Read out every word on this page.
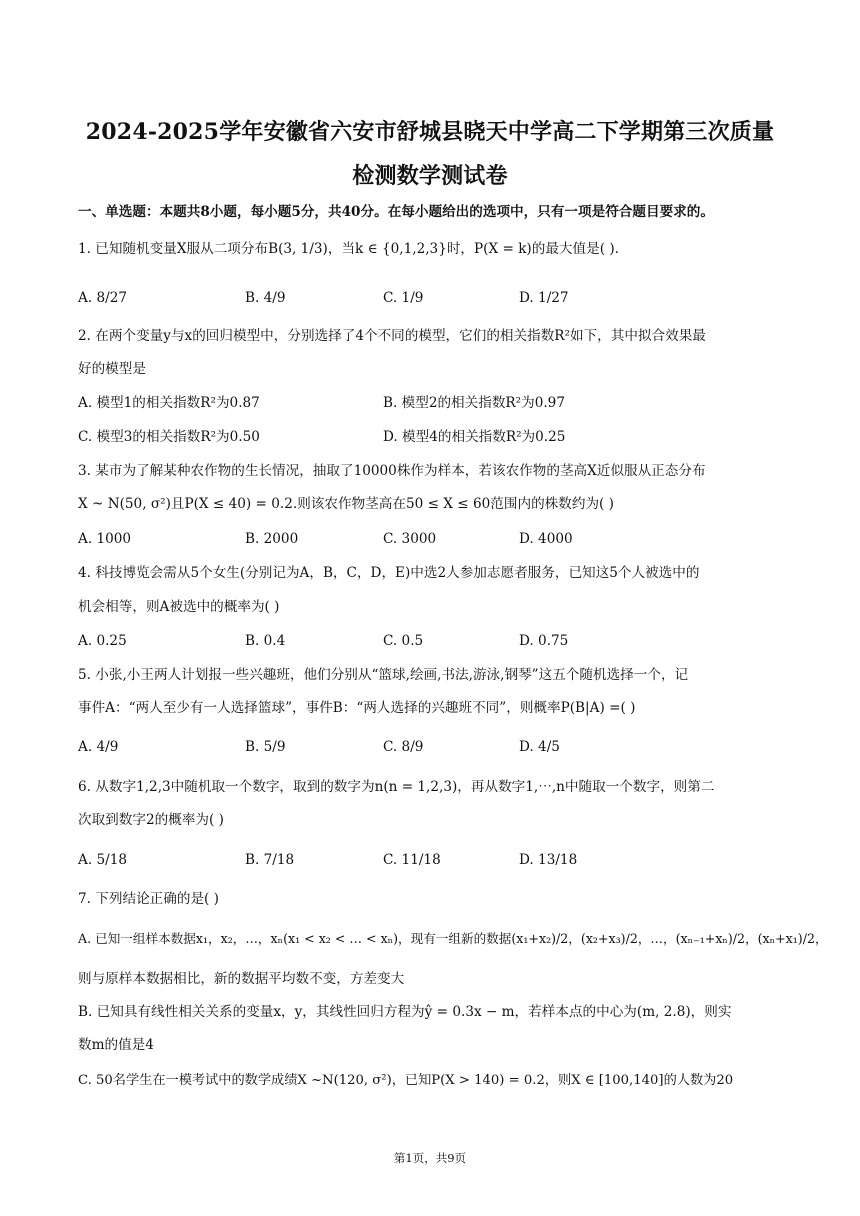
2024-2025学年安徽省六安市舒城县晓天中学高二下学期第三次质量
检测数学测试卷
一、单选题：本题共8小题，每小题5分，共40分。在每小题给出的选项中，只有一项是符合题目要求的。
1. 已知随机变量X服从二项分布B(3, 1/3)，当k ∈ {0,1,2,3}时，P(X = k)的最大值是( ).
A. 8/27	B. 4/9	C. 1/9	D. 1/27
2. 在两个变量y与x的回归模型中，分别选择了4个不同的模型，它们的相关指数R²如下，其中拟合效果最
好的模型是
A. 模型1的相关指数R²为0.87	B. 模型2的相关指数R²为0.97
C. 模型3的相关指数R²为0.50	D. 模型4的相关指数R²为0.25
3. 某市为了解某种农作物的生长情况，抽取了10000株作为样本，若该农作物的茎高X近似服从正态分布
X ~ N(50, σ²)且P(X ≤ 40) = 0.2.则该农作物茎高在50 ≤ X ≤ 60范围内的株数约为( )
A. 1000	B. 2000	C. 3000	D. 4000
4. 科技博览会需从5个女生(分别记为A，B，C，D，E)中选2人参加志愿者服务，已知这5个人被选中的
机会相等，则A被选中的概率为( )
A. 0.25	B. 0.4	C. 0.5	D. 0.75
5. 小张,小王两人计划报一些兴趣班，他们分别从“篮球,绘画,书法,游泳,钢琴”这五个随机选择一个，记
事件A：“两人至少有一人选择篮球”，事件B：“两人选择的兴趣班不同”，则概率P(B|A) =( )
A. 4/9	B. 5/9	C. 8/9	D. 4/5
6. 从数字1,2,3中随机取一个数字，取到的数字为n(n = 1,2,3)，再从数字1,⋯,n中随取一个数字，则第二
次取到数字2的概率为( )
A. 5/18	B. 7/18	C. 11/18	D. 13/18
7. 下列结论正确的是( )
A. 已知一组样本数据x₁，x₂，…，xₙ(x₁ < x₂ < … < xₙ)，现有一组新的数据(x₁+x₂)/2，(x₂+x₃)/2，…，(xₙ₋₁+xₙ)/2，(xₙ+x₁)/2，
则与原样本数据相比，新的数据平均数不变，方差变大
B. 已知具有线性相关关系的变量x，y，其线性回归方程为ŷ = 0.3x − m，若样本点的中心为(m, 2.8)，则实
数m的值是4
C. 50名学生在一模考试中的数学成绩X ~N(120, σ²)，已知P(X > 140) = 0.2，则X ∈ [100,140]的人数为20
第1页，共9页
